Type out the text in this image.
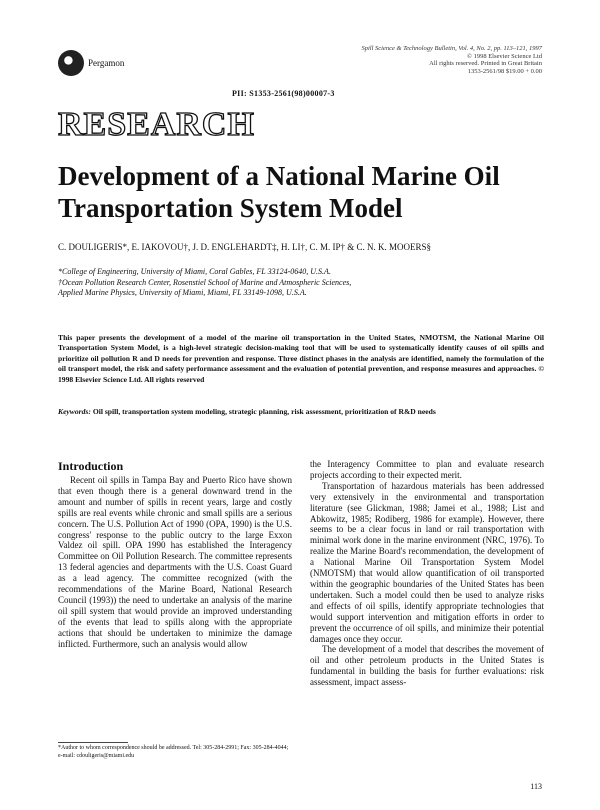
Pergamon
Spill Science & Technology Bulletin, Vol. 4, No. 2, pp. 113–121, 1997
© 1998 Elsevier Science Ltd
All rights reserved. Printed in Great Britain
1353-2561/98 $19.00 + 0.00
PII: S1353-2561(98)00007-3
RESEARCH
Development of a National Marine Oil Transportation System Model
C. DOULIGERIS*, E. IAKOVOU†, J. D. ENGLEHARDT‡, H. LI†, C. M. IP† & C. N. K. MOOERS§
*College of Engineering, University of Miami, Coral Gables, FL 33124-0640, U.S.A.
†Ocean Pollution Research Center, Rosenstiel School of Marine and Atmospheric Sciences,
Applied Marine Physics, University of Miami, Miami, FL 33149-1098, U.S.A.

This paper presents the development of a model of the marine oil transportation in the United States, NMOTSM, the National Marine Oil Transportation System Model, is a high-level strategic decision-making tool that will be used to systematically identify causes of oil spills and prioritize oil pollution R and D needs for prevention and response. Three distinct phases in the analysis are identified, namely the formulation of the oil transport model, the risk and safety performance assessment and the evaluation of potential prevention, and response measures and approaches. © 1998 Elsevier Science Ltd. All rights reserved

Keywords: Oil spill, transportation system modeling, strategic planning, risk assessment, prioritization of R&D needs

Introduction

Recent oil spills in Tampa Bay and Puerto Rico have shown that even though there is a general downward trend in the amount and number of spills in recent years, large and costly spills are real events while chronic and small spills are a serious concern. The U.S. Pollution Act of 1990 (OPA, 1990) is the U.S. congress' response to the public outcry to the large Exxon Valdez oil spill. OPA 1990 has established the Interagency Committee on Oil Pollution Research. The committee represents 13 federal agencies and departments with the U.S. Coast Guard as a lead agency. The committee recognized (with the recommendations of the Marine Board, National Research Council (1993)) the need to undertake an analysis of the marine oil spill system that would provide an improved understanding of the events that lead to spills along with the appropriate actions that should be undertaken to minimize the damage inflicted. Furthermore, such an analysis would allow

the Interagency Committee to plan and evaluate research projects according to their expected merit.

Transportation of hazardous materials has been addressed very extensively in the environmental and transportation literature (see Glickman, 1988; Jamei et al., 1988; List and Abkowitz, 1985; Rodiberg, 1986 for example). However, there seems to be a clear focus in land or rail transportation with minimal work done in the marine environment (NRC, 1976). To realize the Marine Board's recommendation, the development of a National Marine Oil Transportation System Model (NMOTSM) that would allow quantification of oil transported within the geographic boundaries of the United States has been undertaken. Such a model could then be used to analyze risks and effects of oil spills, identify appropriate technologies that would support intervention and mitigation efforts in order to prevent the occurrence of oil spills, and minimize their potential damages once they occur.

The development of a model that describes the movement of oil and other petroleum products in the United States is fundamental in building the basis for further evaluations: risk assessment, impact assess-

*Author to whom correspondence should be addressed. Tel: 305-284-2991; Fax: 305-284-4044; e-mail: cdouligeris@miami.edu
113
